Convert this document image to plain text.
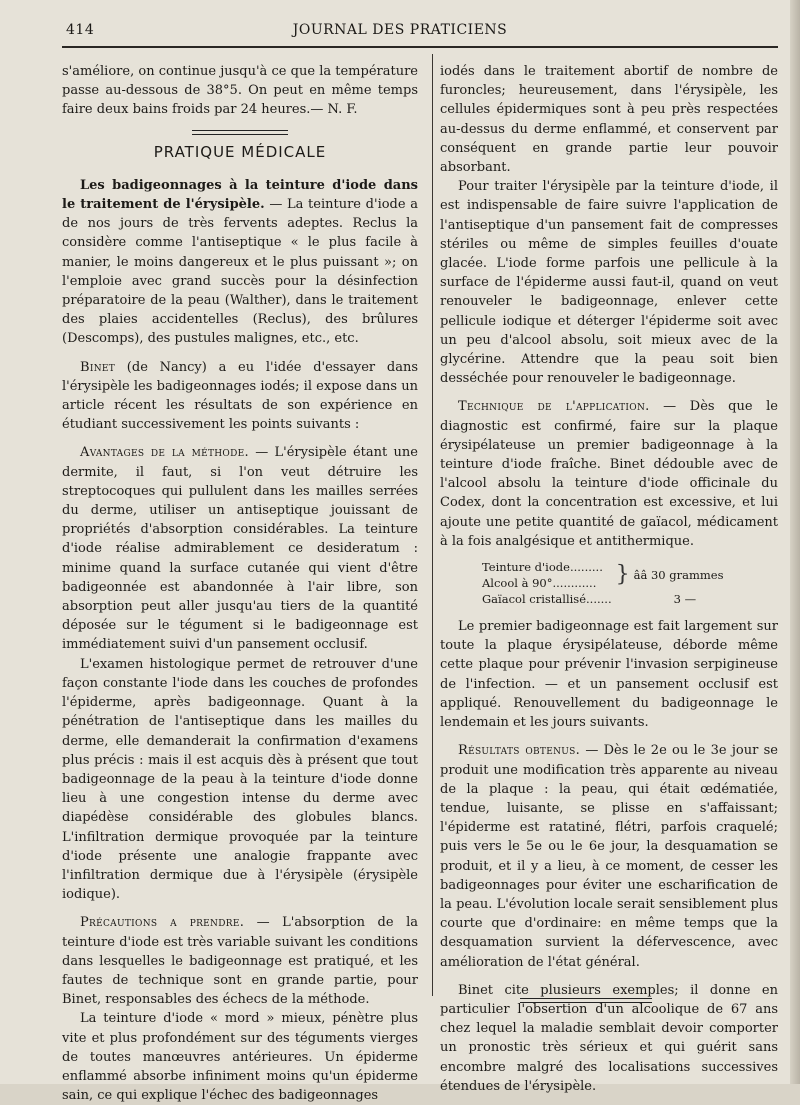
414	JOURNAL DES PRATICIENS

s'améliore, on continue jusqu'à ce que la température passe au-dessous de 38°5. On peut en même temps faire deux bains froids par 24 heures.— N. F.

PRATIQUE MÉDICALE

Les badigeonnages à la teinture d'iode dans le traitement de l'érysipèle. — La teinture d'iode a de nos jours de très fervents adeptes. Reclus la considère comme l'antiseptique « le plus facile à manier, le moins dangereux et le plus puissant »; on l'emploie avec grand succès pour la désinfection préparatoire de la peau (Walther), dans le traitement des plaies accidentelles (Reclus), des brûlures (Descomps), des pustules malignes, etc., etc.

Binet (de Nancy) a eu l'idée d'essayer dans l'érysipèle les badigeonnages iodés; il expose dans un article récent les résultats de son expérience en étudiant successivement les points suivants :

Avantages de la méthode. — L'érysipèle étant une dermite, il faut, si l'on veut détruire les streptocoques qui pullulent dans les mailles serrées du derme, utiliser un antiseptique jouissant de propriétés d'absorption considérables. La teinture d'iode réalise admirablement ce desideratum : minime quand la surface cutanée qui vient d'être badigeonnée est abandonnée à l'air libre, son absorption peut aller jusqu'au tiers de la quantité déposée sur le tégument si le badigeonnage est immédiatement suivi d'un pansement occlusif.

L'examen histologique permet de retrouver d'une façon constante l'iode dans les couches de profondes l'épiderme, après badigeonnage. Quant à la pénétration de l'antiseptique dans les mailles du derme, elle demanderait la confirmation d'examens plus précis : mais il est acquis dès à présent que tout badigeonnage de la peau à la teinture d'iode donne lieu à une congestion intense du derme avec diapédèse considérable des globules blancs. L'infiltration dermique provoquée par la teinture d'iode présente une analogie frappante avec l'infiltration dermique due à l'érysipèle (érysipèle iodique).

Précautions a prendre. — L'absorption de la teinture d'iode est très variable suivant les conditions dans lesquelles le badigeonnage est pratiqué, et les fautes de technique sont en grande partie, pour Binet, responsables des échecs de la méthode.

La teinture d'iode « mord » mieux, pénètre plus vite et plus profondément sur des téguments vierges de toutes manœuvres antérieures. Un épiderme enflammé absorbe infiniment moins qu'un épiderme sain, ce qui explique l'échec des badigeonnages

iodés dans le traitement abortif de nombre de furoncles; heureusement, dans l'érysipèle, les cellules épidermiques sont à peu près respectées au-dessus du derme enflammé, et conservent par conséquent en grande partie leur pouvoir absorbant.

Pour traiter l'érysipèle par la teinture d'iode, il est indispensable de faire suivre l'application de l'antiseptique d'un pansement fait de compresses stériles ou même de simples feuilles d'ouate glacée. L'iode forme parfois une pellicule à la surface de l'épiderme aussi faut-il, quand on veut renouveler le badigeonnage, enlever cette pellicule iodique et déterger l'épiderme soit avec un peu d'alcool absolu, soit mieux avec de la glycérine. Attendre que la peau soit bien desséchée pour renouveler le badigeonnage.

Technique de l'application. — Dès que le diagnostic est confirmé, faire sur la plaque érysipélateuse un premier badigeonnage à la teinture d'iode fraîche. Binet dédouble avec de l'alcool absolu la teinture d'iode officinale du Codex, dont la concentration est excessive, et lui ajoute une petite quantité de gaïacol, médicament à la fois analgésique et antithermique.

Teinture d'iode.........	}	ââ 30 grammes
Alcool à 90°............		
Gaïacol cristallisé.......		3 —

Le premier badigeonnage est fait largement sur toute la plaque érysipélateuse, déborde même cette plaque pour prévenir l'invasion serpigineuse de l'infection. — et un pansement occlusif est appliqué. Renouvellement du badigeonnage le lendemain et les jours suivants.

Résultats obtenus. — Dès le 2e ou le 3e jour se produit une modification très apparente au niveau de la plaque : la peau, qui était œdématiée, tendue, luisante, se plisse en s'affaissant; l'épiderme est ratatiné, flétri, parfois craquelé; puis vers le 5e ou le 6e jour, la desquamation se produit, et il y a lieu, à ce moment, de cesser les badigeonnages pour éviter une escharification de la peau. L'évolution locale serait sensiblement plus courte que d'ordinaire: en même temps que la desquamation survient la défervescence, avec amélioration de l'état général.

Binet cite plusieurs exemples; il donne en particulier l'obsertion d'un alcoolique de 67 ans chez lequel la maladie semblait devoir comporter un pronostic très sérieux et qui guérit sans encombre malgré des localisations successives étendues de l'érysipèle.
